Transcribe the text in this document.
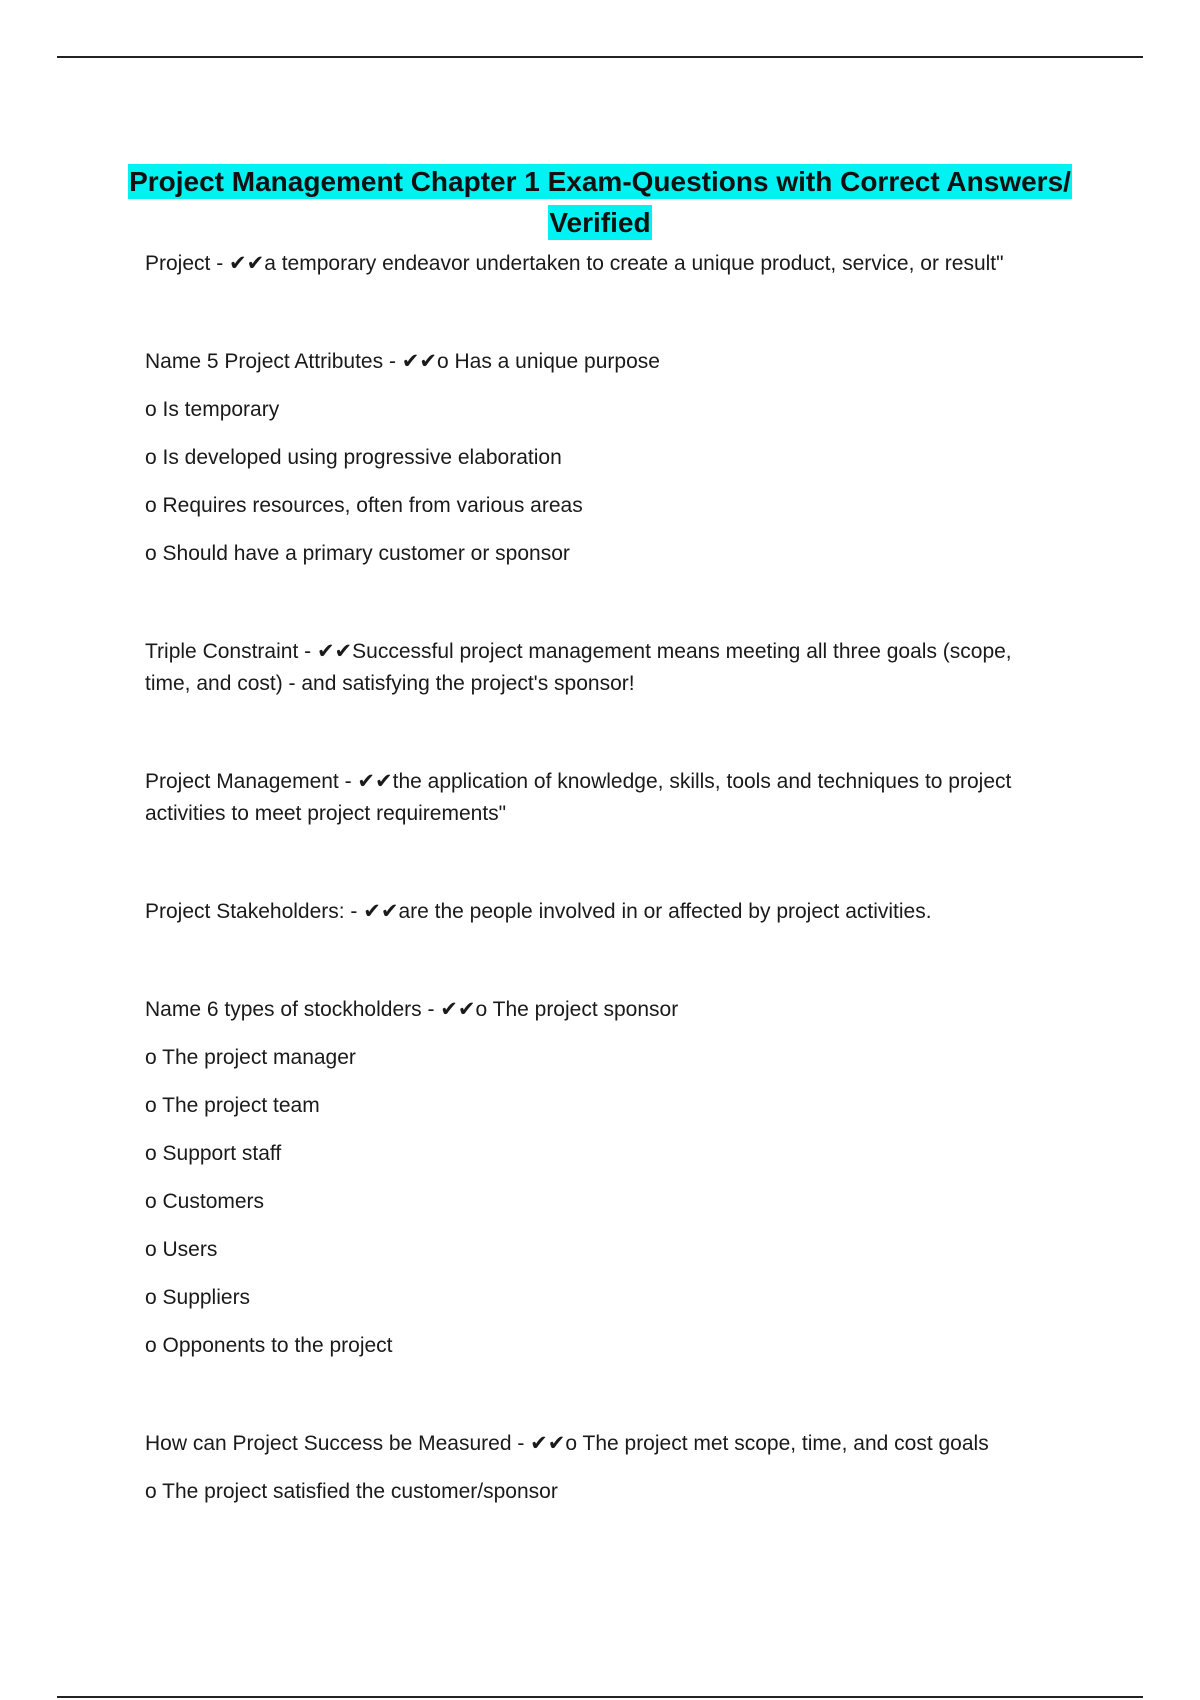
Project Management Chapter 1 Exam-Questions with Correct Answers/ Verified

Project - ✔✔a temporary endeavor undertaken to create a unique product, service, or result"

Name 5 Project Attributes - ✔✔o Has a unique purpose

o Is temporary

o Is developed using progressive elaboration

o Requires resources, often from various areas

o Should have a primary customer or sponsor

Triple Constraint - ✔✔Successful project management means meeting all three goals (scope, time, and cost) - and satisfying the project's sponsor!

Project Management - ✔✔the application of knowledge, skills, tools and techniques to project activities to meet project requirements"

Project Stakeholders: - ✔✔are the people involved in or affected by project activities.

Name 6 types of stockholders - ✔✔o The project sponsor

o The project manager

o The project team

o Support staff

o Customers

o Users

o Suppliers

o Opponents to the project

How can Project Success be Measured - ✔✔o The project met scope, time, and cost goals

o The project satisfied the customer/sponsor
